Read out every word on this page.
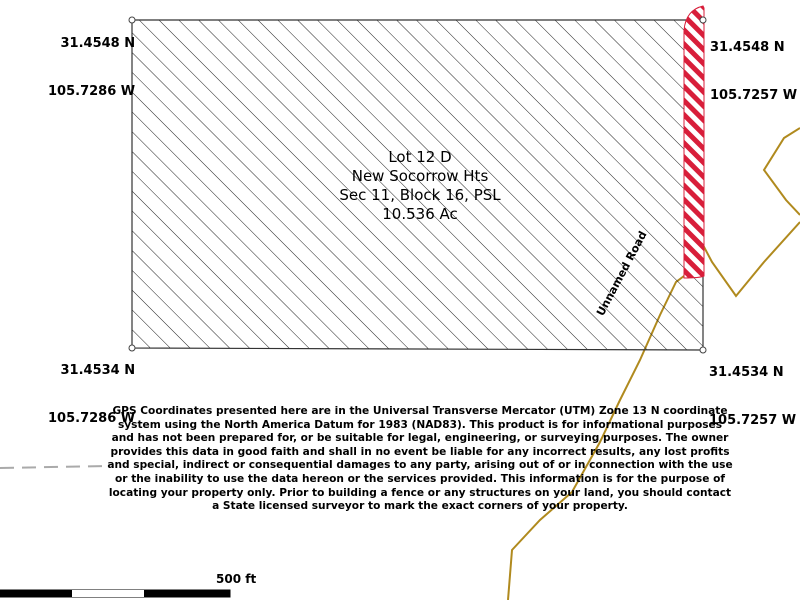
31.4548 N

105.7286 W

31.4548 N

105.7257 W

31.4534 N

105.7286 W

31.4534 N

105.7257 W

Lot 12 D
New Socorrow Hts
Sec 11, Block 16, PSL
10.536 Ac
Unnamed Road
GPS Coordinates presented here are in the Universal Transverse Mercator (UTM) Zone 13 N coordinate
system using the North America Datum for 1983 (NAD83). This product is for informational purposes
and has not been prepared for, or be suitable for legal, engineering, or surveying purposes. The owner
provides this data in good faith and shall in no event be liable for any incorrect results, any lost profits
and special, indirect or consequential damages to any party, arising out of or in connection with the use
or the inability to use the data hereon or the services provided. This information is for the purpose of
locating your property only. Prior to building a fence or any structures on your land, you should contact
a State licensed surveyor to mark the exact corners of your property.
500 ft
